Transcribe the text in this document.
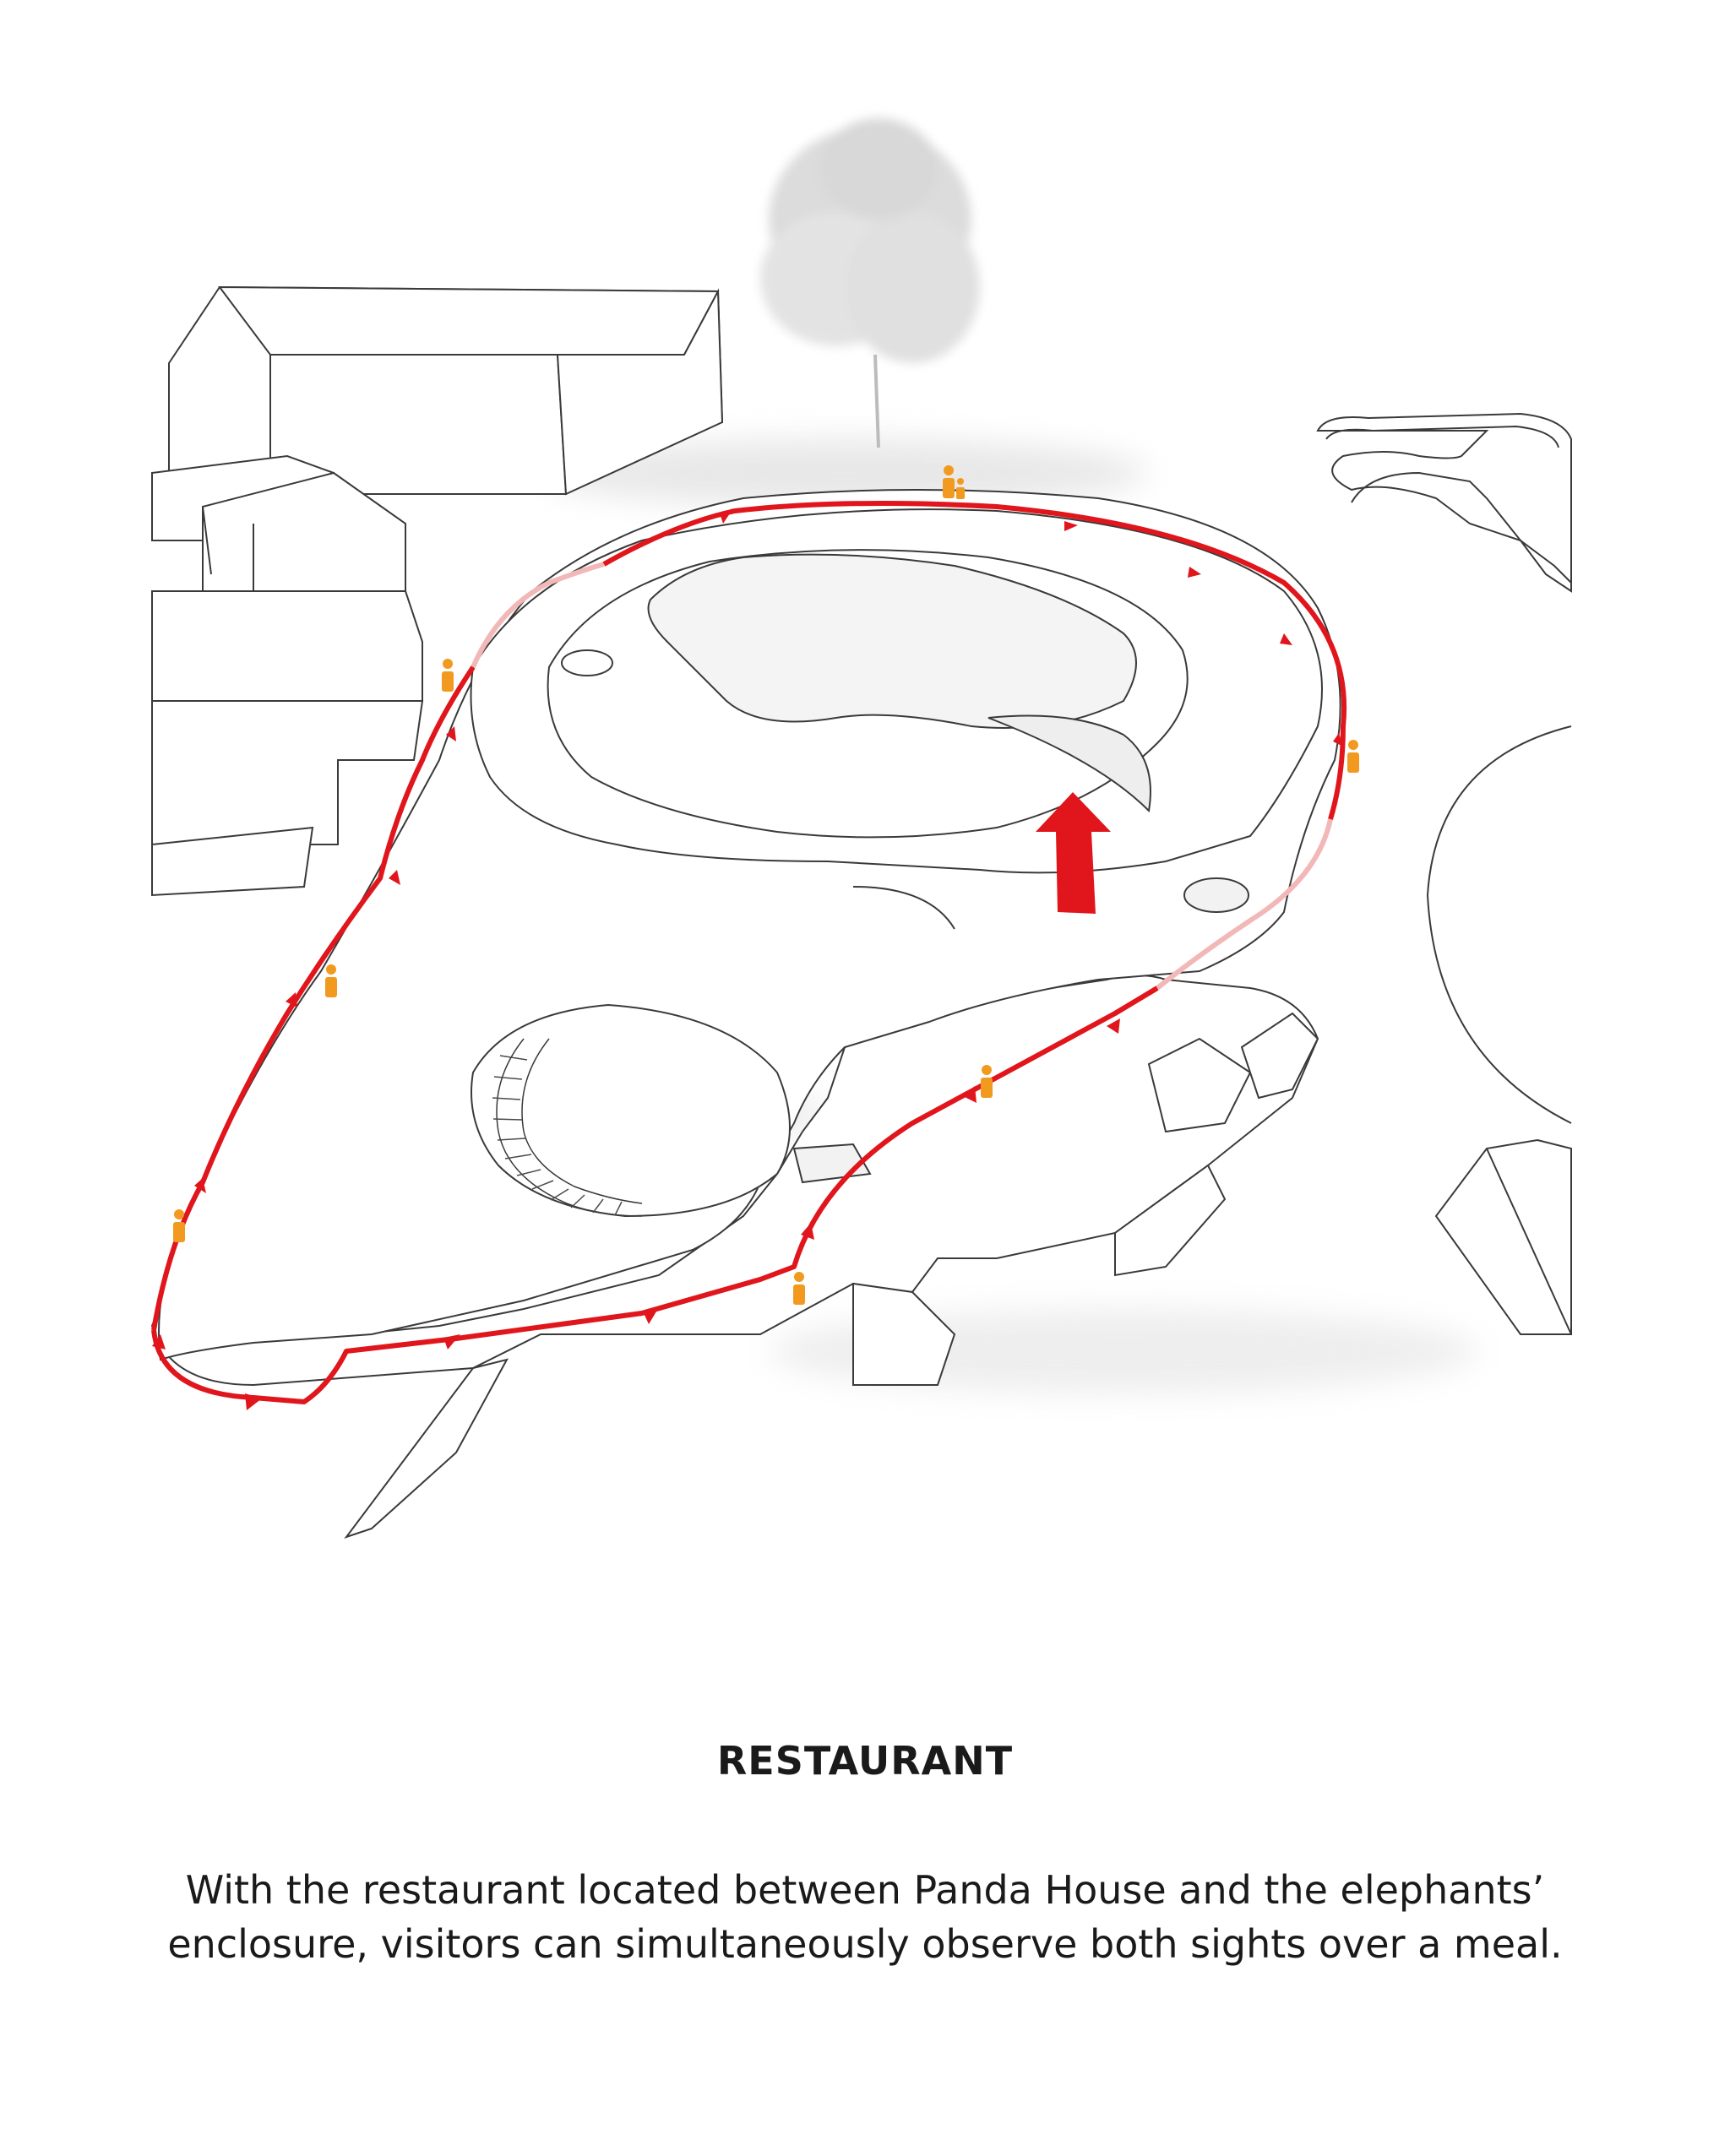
RESTAURANT
With the restaurant located between Panda House and the elephants’
enclosure, visitors can simultaneously observe both sights over a meal.
